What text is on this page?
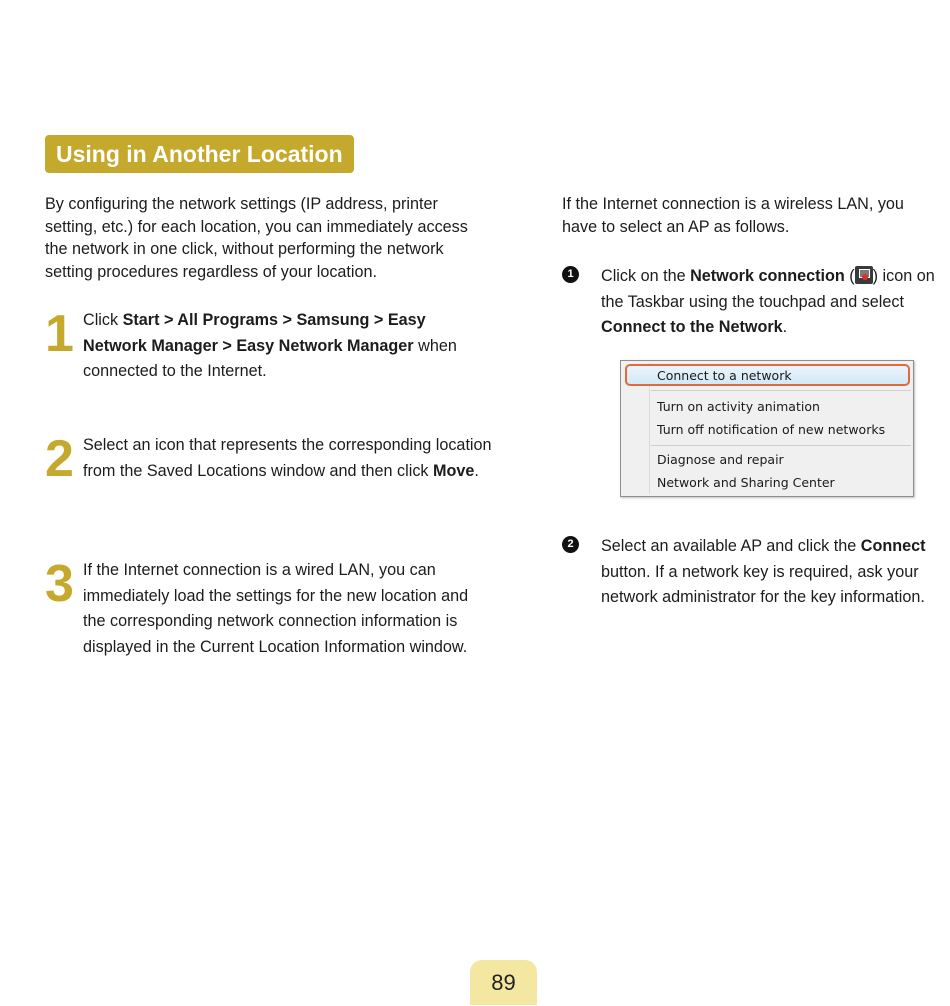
Using in Another Location

By configuring the network settings (IP address, printer setting, etc.) for each location, you can immediately access the network in one click, without performing the network setting procedures regardless of your location.

1 Click Start > All Programs > Samsung > Easy Network Manager > Easy Network Manager when connected to the Internet.

2 Select an icon that represents the corresponding location from the Saved Locations window and then click Move.

3 If the Internet connection is a wired LAN, you can immediately load the settings for the new location and the corresponding network connection information is displayed in the Current Location Information window.

If the Internet connection is a wireless LAN, you have to select an AP as follows.

1	Click on the Network connection ( ) icon on the Taskbar using the touchpad and select Connect to the Network.

Connect to a network
Turn on activity animation
Turn off notification of new networks
Diagnose and repair
Network and Sharing Center
2	Select an available AP and click the Connect button. If a network key is required, ask your network administrator for the key information.

89
